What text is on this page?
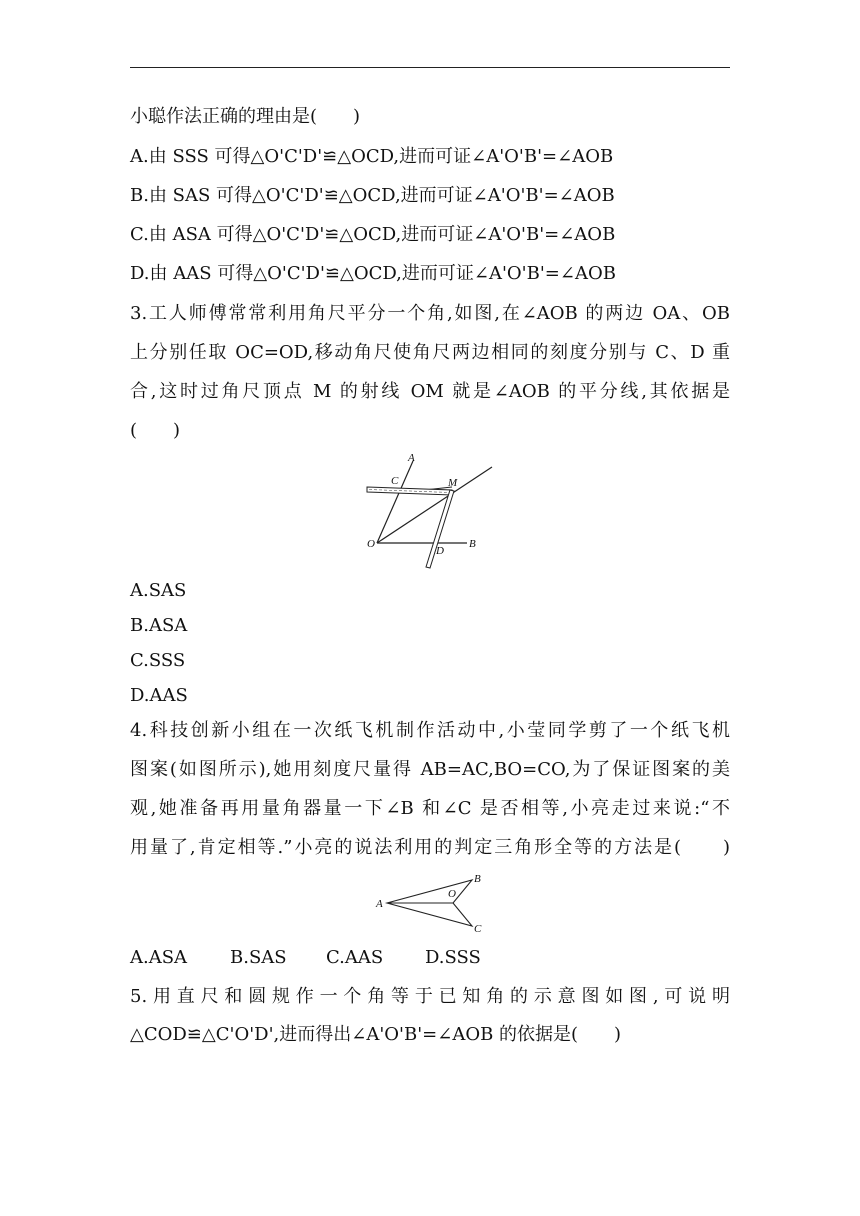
小聪作法正确的理由是(　　)
A.由 SSS 可得△O'C'D'≌△OCD,进而可证∠A'O'B'=∠AOB
B.由 SAS 可得△O'C'D'≌△OCD,进而可证∠A'O'B'=∠AOB
C.由 ASA 可得△O'C'D'≌△OCD,进而可证∠A'O'B'=∠AOB
D.由 AAS 可得△O'C'D'≌△OCD,进而可证∠A'O'B'=∠AOB
3.工人师傅常常利用角尺平分一个角,如图,在∠AOB 的两边 OA、OB
上分别任取 OC=OD,移动角尺使角尺两边相同的刻度分别与 C、D 重
合,这时过角尺顶点 M 的射线 OM 就是∠AOB 的平分线,其依据是
(　　)
A
C	M
O
D
B
A.SAS
B.ASA
C.SSS
D.AAS
4.科技创新小组在一次纸飞机制作活动中,小莹同学剪了一个纸飞机
图案(如图所示),她用刻度尺量得 AB=AC,BO=CO,为了保证图案的美
观,她准备再用量角器量一下∠B 和∠C 是否相等,小亮走过来说:“不
用量了,肯定相等.”小亮的说法利用的判定三角形全等的方法是(　　)
A
B
O
C
A.ASA B.SAS C.AAS D.SSS
5.用直尺和圆规作一个角等于已知角的示意图如图,可说明
△COD≌△C'O'D',进而得出∠A'O'B'=∠AOB 的依据是(　　)
